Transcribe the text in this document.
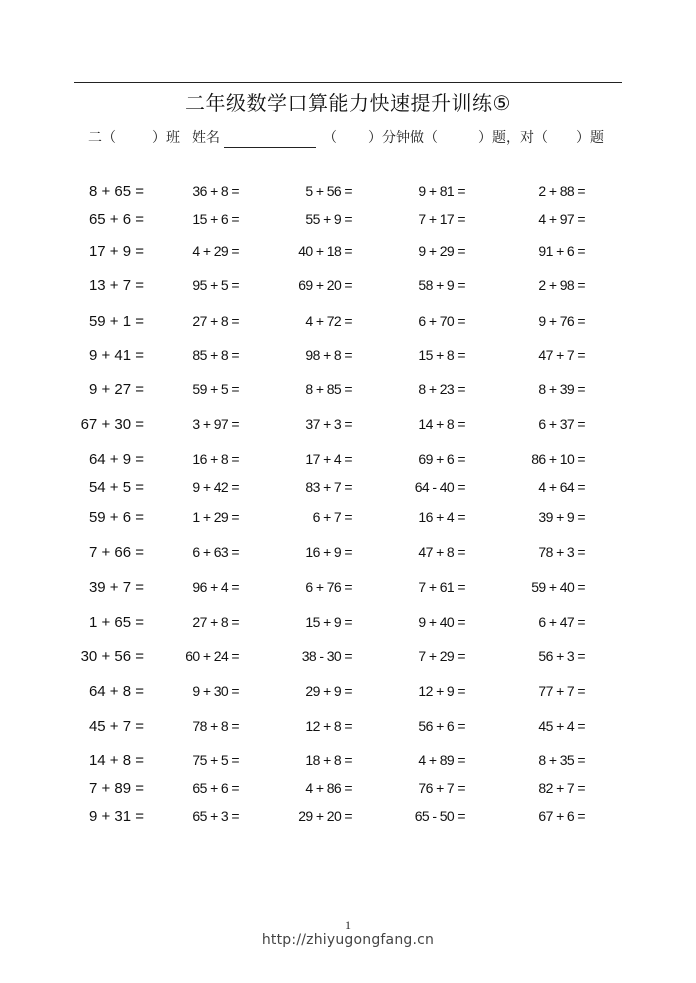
二年级数学口算能力快速提升训练⑤
二（	）班 姓名	（ ）分钟做（	）题，对（ ）题
8 + 65 =	36 + 8 =	5 + 56 =	9 + 81 =	2 + 88 =
65 + 6 =	15 + 6 =	55 + 9 =	7 + 17 =	4 + 97 =
17 + 9 =	4 + 29 =	40 + 18 =	9 + 29 =	91 + 6 =
13 + 7 =	95 + 5 =	69 + 20 =	58 + 9 =	2 + 98 =
59 + 1 =	27 + 8 =	4 + 72 =	6 + 70 =	9 + 76 =
9 + 41 =	85 + 8 =	98 + 8 =	15 + 8 =	47 + 7 =
9 + 27 =	59 + 5 =	8 + 85 =	8 + 23 =	8 + 39 =
67 + 30 =	3 + 97 =	37 + 3 =	14 + 8 =	6 + 37 =
64 + 9 =	16 + 8 =	17 + 4 =	69 + 6 =	86 + 10 =
54 + 5 =	9 + 42 =	83 + 7 =	64 - 40 =	4 + 64 =
59 + 6 =	1 + 29 =	6 + 7 =	16 + 4 =	39 + 9 =
7 + 66 =	6 + 63 =	16 + 9 =	47 + 8 =	78 + 3 =
39 + 7 =	96 + 4 =	6 + 76 =	7 + 61 =	59 + 40 =
1 + 65 =	27 + 8 =	15 + 9 =	9 + 40 =	6 + 47 =
30 + 56 =	60 + 24 =	38 - 30 =	7 + 29 =	56 + 3 =
64 + 8 =	9 + 30 =	29 + 9 =	12 + 9 =	77 + 7 =
45 + 7 =	78 + 8 =	12 + 8 =	56 + 6 =	45 + 4 =
14 + 8 =	75 + 5 =	18 + 8 =	4 + 89 =	8 + 35 =
7 + 89 =	65 + 6 =	4 + 86 =	76 + 7 =	82 + 7 =
9 + 31 =	65 + 3 =	29 + 20 =	65 - 50 =	67 + 6 =
1
http://zhiyugongfang.cn
